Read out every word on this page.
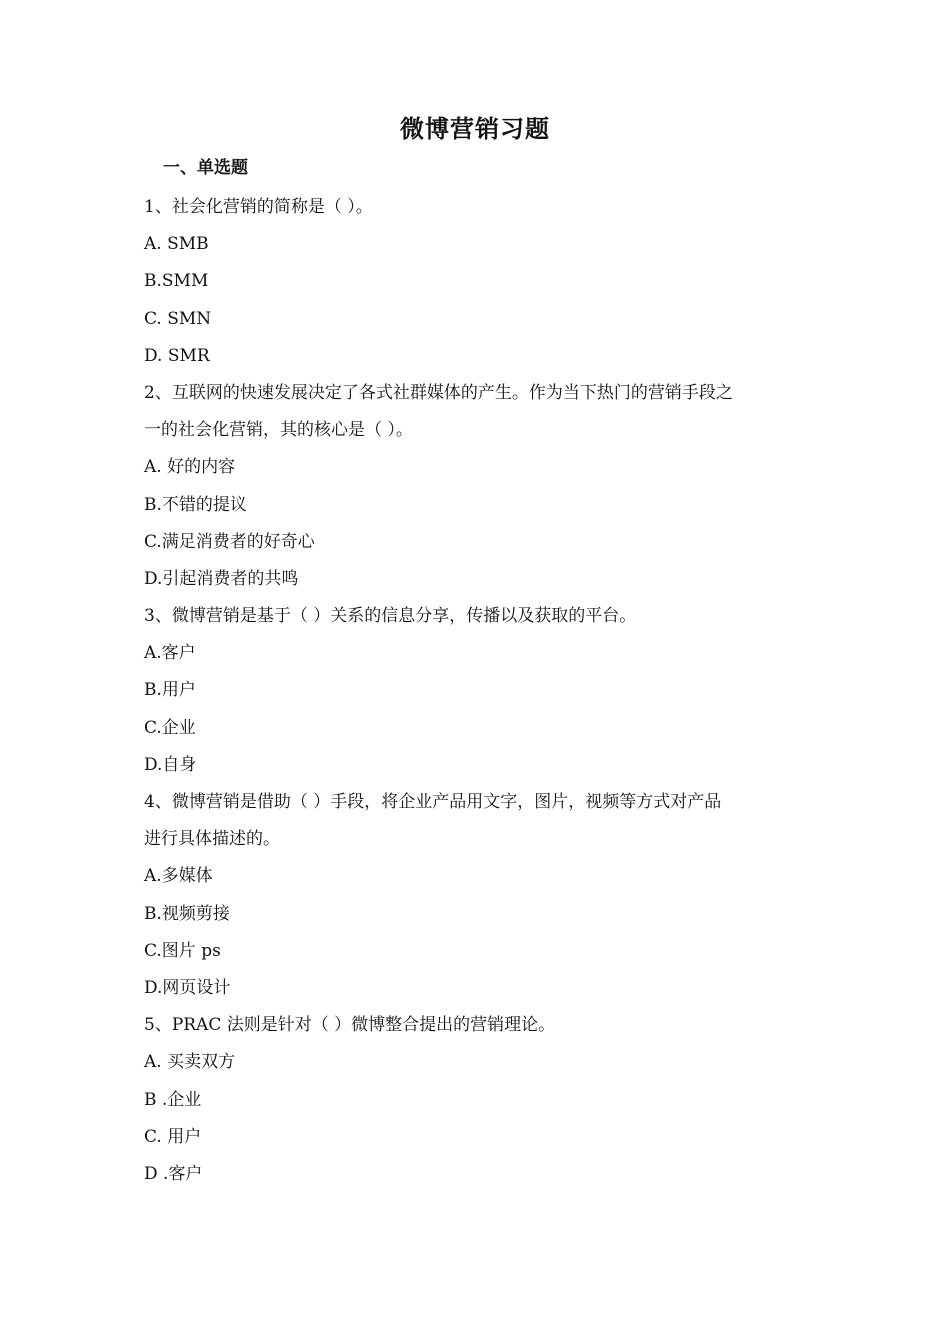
微博营销习题
一、单选题
1、社会化营销的简称是（ ）。
A. SMB
B.SMM
C. SMN
D. SMR
2、互联网的快速发展决定了各式社群媒体的产生。作为当下热门的营销手段之
一的社会化营销，其的核心是（ ）。
A. 好的内容
B.不错的提议
C.满足消费者的好奇心
D.引起消费者的共鸣
3、微博营销是基于（ ）关系的信息分享，传播以及获取的平台。
A.客户
B.用户
C.企业
D.自身
4、微博营销是借助（ ）手段，将企业产品用文字，图片，视频等方式对产品
进行具体描述的。
A.多媒体
B.视频剪接
C.图片 ps
D.网页设计
5、PRAC 法则是针对（ ）微博整合提出的营销理论。
A. 买卖双方
B .企业
C. 用户
D .客户
